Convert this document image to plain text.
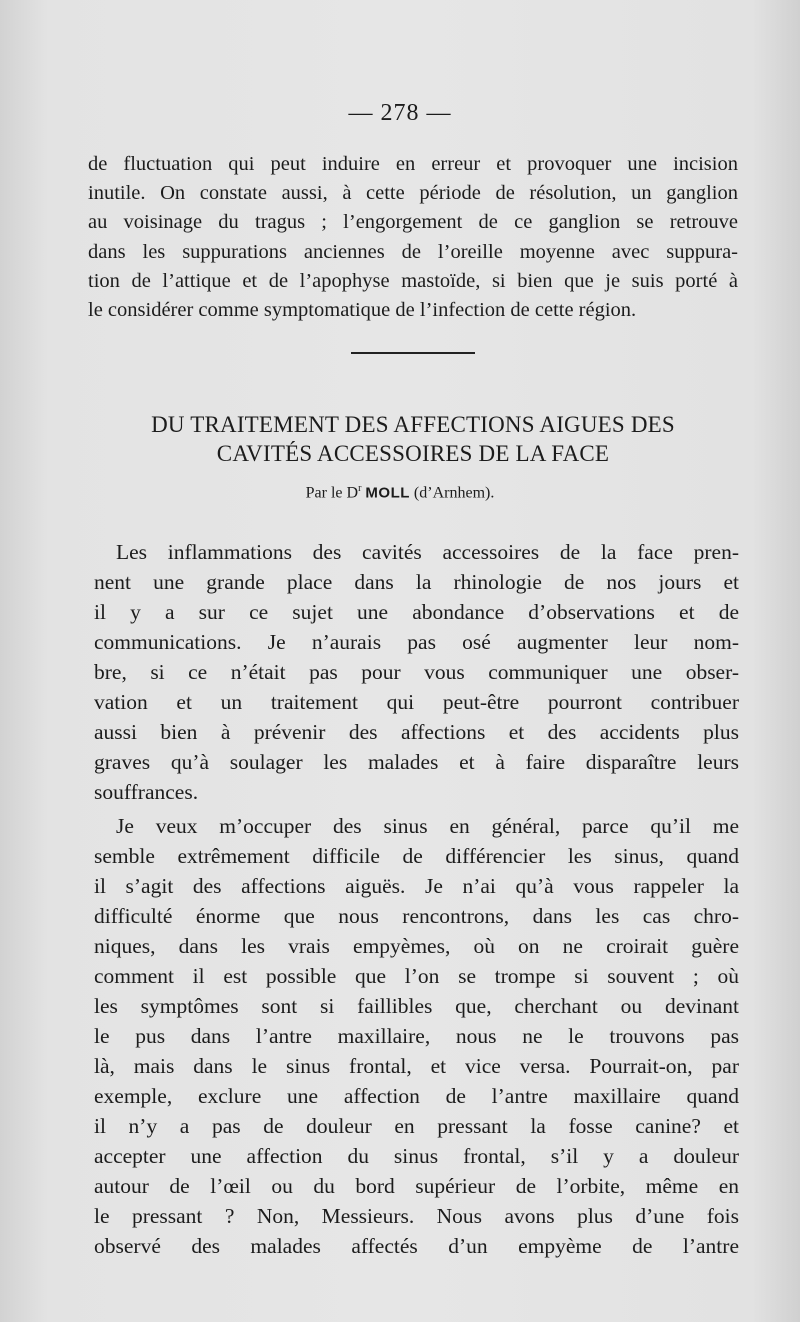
— 278 —
de fluctuation qui peut induire en erreur et provoquer une incision
inutile. On constate aussi, à cette période de résolution, un ganglion
au voisinage du tragus ; l’engorgement de ce ganglion se retrouve
dans les suppurations anciennes de l’oreille moyenne avec suppura-
tion de l’attique et de l’apophyse mastoïde, si bien que je suis porté à
le considérer comme symptomatique de l’infection de cette région.
DU TRAITEMENT DES AFFECTIONS AIGUES DES
CAVITÉS ACCESSOIRES DE LA FACE
Par le $D^r$ MOLL (d’Arnhem).

Les inflammations des cavités accessoires de la face pren-
nent une grande place dans la rhinologie de nos jours et
il y a sur ce sujet une abondance d’observations et de
communications. Je n’aurais pas osé augmenter leur nom-
bre, si ce n’était pas pour vous communiquer une obser-
vation et un traitement qui peut-être pourront contribuer
aussi bien à prévenir des affections et des accidents plus
graves qu’à soulager les malades et à faire disparaître leurs
souffrances.

Je veux m’occuper des sinus en général, parce qu’il me
semble extrêmement difficile de différencier les sinus, quand
il s’agit des affections aiguës. Je n’ai qu’à vous rappeler la
difficulté énorme que nous rencontrons, dans les cas chro-
niques, dans les vrais empyèmes, où on ne croirait guère
comment il est possible que l’on se trompe si souvent ; où
les symptômes sont si faillibles que, cherchant ou devinant
le pus dans l’antre maxillaire, nous ne le trouvons pas
là, mais dans le sinus frontal, et vice versa. Pourrait-on, par
exemple, exclure une affection de l’antre maxillaire quand
il n’y a pas de douleur en pressant la fosse canine? et
accepter une affection du sinus frontal, s’il y a douleur
autour de l’œil ou du bord supérieur de l’orbite, même en
le pressant ? Non, Messieurs. Nous avons plus d’une fois
observé des malades affectés d’un empyème de l’antre
